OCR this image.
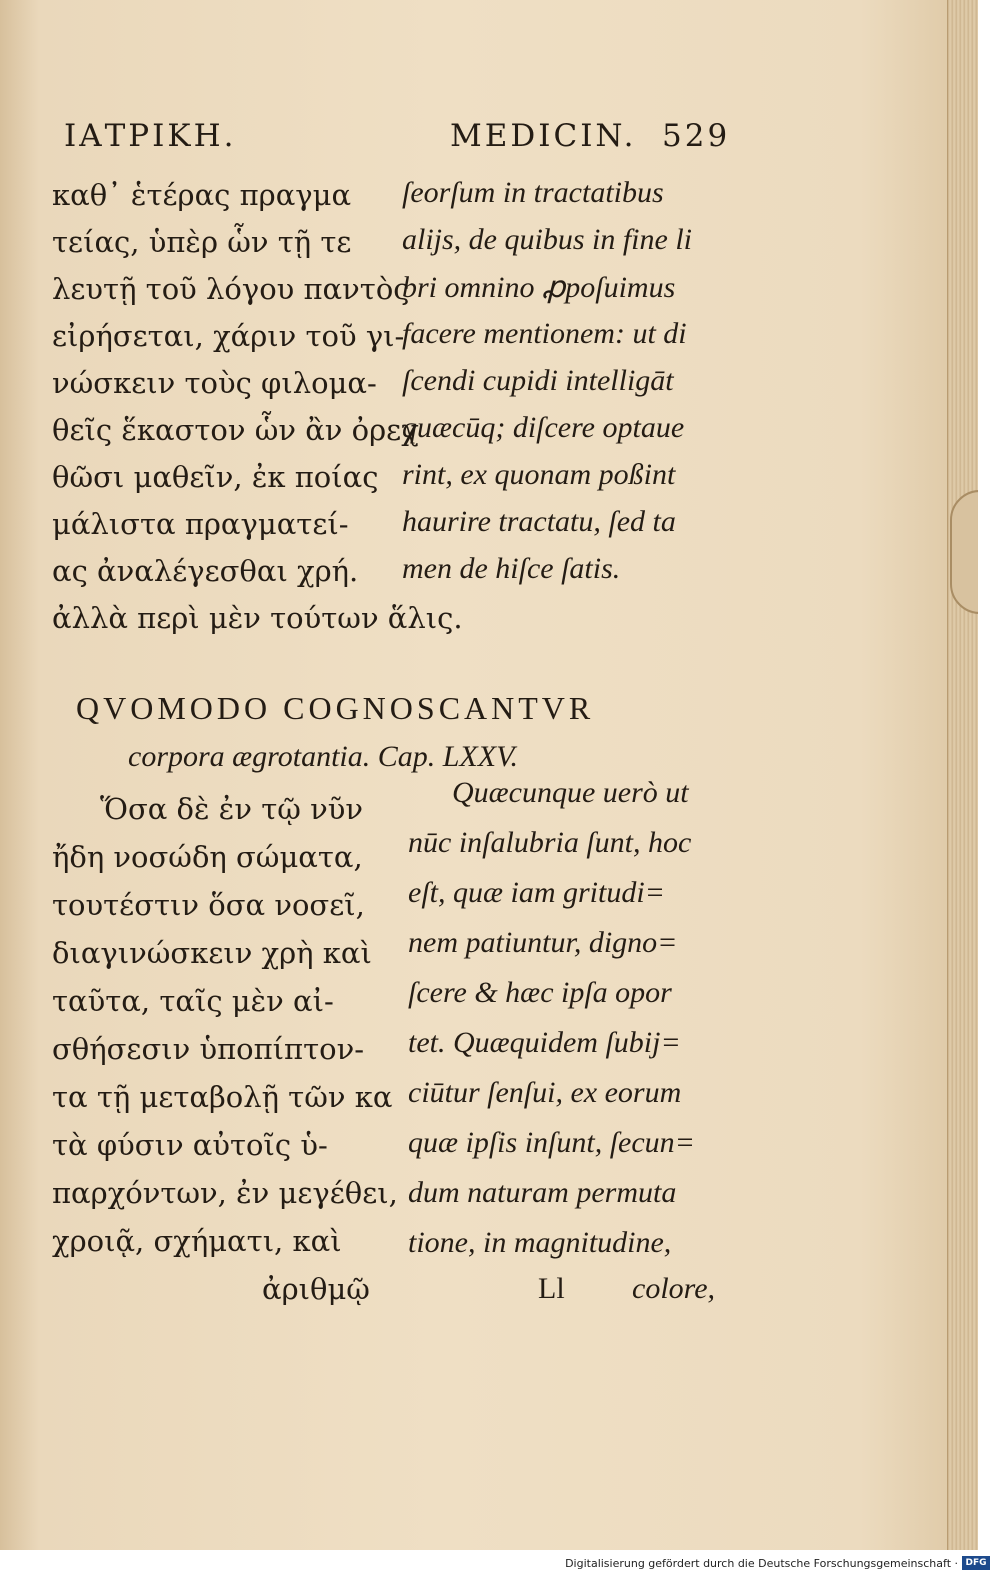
ΙΑΤΡΙΚΗ.	MEDICIN. 529
καθ᾽ ἑτέρας πραγμα
τείας, ὑπὲρ ὧν τῇ τε
λευτῇ τοῦ λόγου παντὸς
εἰρήσεται, χάριν τοῦ γι-
νώσκειν τοὺς φιλομα-
θεῖς ἕκαστον ὧν ἂν ὀρεχ
θῶσι μαθεῖν, ἐκ ποίας
μάλιστα πραγματεί-
ας ἀναλέγεσθαι χρή.
ἀλλὰ περὶ μὲν τούτων ἅλις.
ſeorſum in tractatibus
alijs, de quibus in fine li
bri omnino ꝓpoſuimus
facere mentionem: ut di
ſcendi cupidi intelligāt
quæcūq; diſcere optaue
rint, ex quonam poßint
haurire tractatu, ſed ta
men de hiſce ſatis.
QVOMODO COGNOSCANTVR
corpora ægrotantia. Cap. LXXV.
Ὅσα δὲ ἐν τῷ νῦν
ἤδη νοσώδη σώματα,
τουτέστιν ὅσα νοσεῖ,
διαγινώσκειν χρὴ καὶ
ταῦτα, ταῖς μὲν αἰ-
σθήσεσιν ὑποπίπτον-
τα τῇ μεταβολῇ τῶν κα
τὰ φύσιν αὐτοῖς ὑ-
παρχόντων, ἐν μεγέθει,
χροιᾷ, σχήματι, καὶ
ἀριθμῷ
Quæcunque uerò ut
nūc inſalubria ſunt, hoc
eſt, quæ iam gritudi=
nem patiuntur, digno=
ſcere & hæc ipſa opor
tet. Quæquidem ſubij=
ciūtur ſenſui, ex eorum
quæ ipſis inſunt, ſecun=
dum naturam permuta
tione, in magnitudine,
Ll colore,
Digitalisierung gefördert durch die Deutsche Forschungsgemeinschaft · DFG
